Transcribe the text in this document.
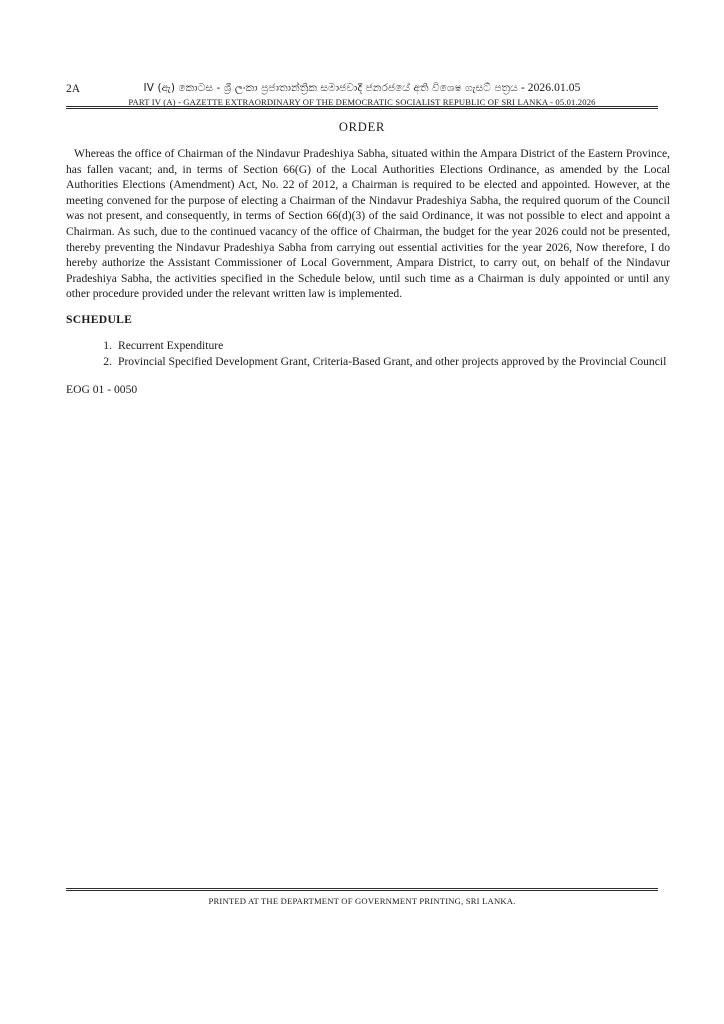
2A	IV (ඇ) කොටස - ශ්‍රී ලංකා ප්‍රජාතාන්ත්‍රික සමාජවාදී ජනරජයේ අති විශෙෂ ගැසට් පත්‍රය - 2026.01.05
PART IV (A) - GAZETTE EXTRAORDINARY OF THE DEMOCRATIC SOCIALIST REPUBLIC OF SRI LANKA - 05.01.2026
ORDER

Whereas the office of Chairman of the Nindavur Pradeshiya Sabha, situated within the Ampara District of the Eastern Province, has fallen vacant; and, in terms of Section 66(G) of the Local Authorities Elections Ordinance, as amended by the Local Authorities Elections (Amendment) Act, No. 22 of 2012, a Chairman is required to be elected and appointed. However, at the meeting convened for the purpose of electing a Chairman of the Nindavur Pradeshiya Sabha, the required quorum of the Council was not present, and consequently, in terms of Section 66(d)(3) of the said Ordinance, it was not possible to elect and appoint a Chairman. As such, due to the continued vacancy of the office of Chairman, the budget for the year 2026 could not be presented, thereby preventing the Nindavur Pradeshiya Sabha from carrying out essential activities for the year 2026, Now therefore, I do hereby authorize the Assistant Commissioner of Local Government, Ampara District, to carry out, on behalf of the Nindavur Pradeshiya Sabha, the activities specified in the Schedule below, until such time as a Chairman is duly appointed or until any other procedure provided under the relevant written law is implemented.

SCHEDULE
1. Recurrent Expenditure
2. Provincial Specified Development Grant, Criteria-Based Grant, and other projects approved by the Provincial Council
EOG 01 - 0050
PRINTED AT THE DEPARTMENT OF GOVERNMENT PRINTING, SRI LANKA.
